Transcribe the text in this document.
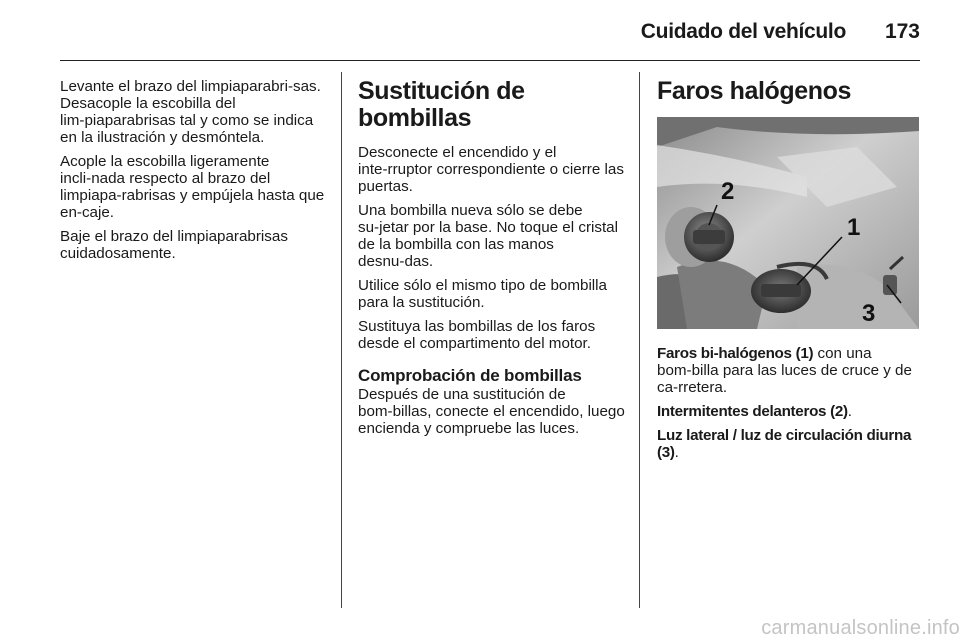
Cuidado del vehículo 173

Levante el brazo del limpiaparabri‑sas. Desacople la escobilla del lim‑piaparabrisas tal y como se indica en la ilustración y desmóntela.

Acople la escobilla ligeramente incli‑nada respecto al brazo del limpiapa‑rabrisas y empújela hasta que en‑caje.

Baje el brazo del limpiaparabrisas cuidadosamente.

Sustitución de bombillas

Desconecte el encendido y el inte‑rruptor correspondiente o cierre las puertas.

Una bombilla nueva sólo se debe su‑jetar por la base. No toque el cristal de la bombilla con las manos desnu‑das.

Utilice sólo el mismo tipo de bombilla para la sustitución.

Sustituya las bombillas de los faros desde el compartimento del motor.

Comprobación de bombillas

Después de una sustitución de bom‑billas, conecte el encendido, luego encienda y compruebe las luces.

Faros halógenos
2
1
3

Faros bi-halógenos (1) con una bom‑billa para las luces de cruce y de ca‑rretera.

Intermitentes delanteros (2).

Luz lateral / luz de circulación diurna (3).

carmanualsonline.info
